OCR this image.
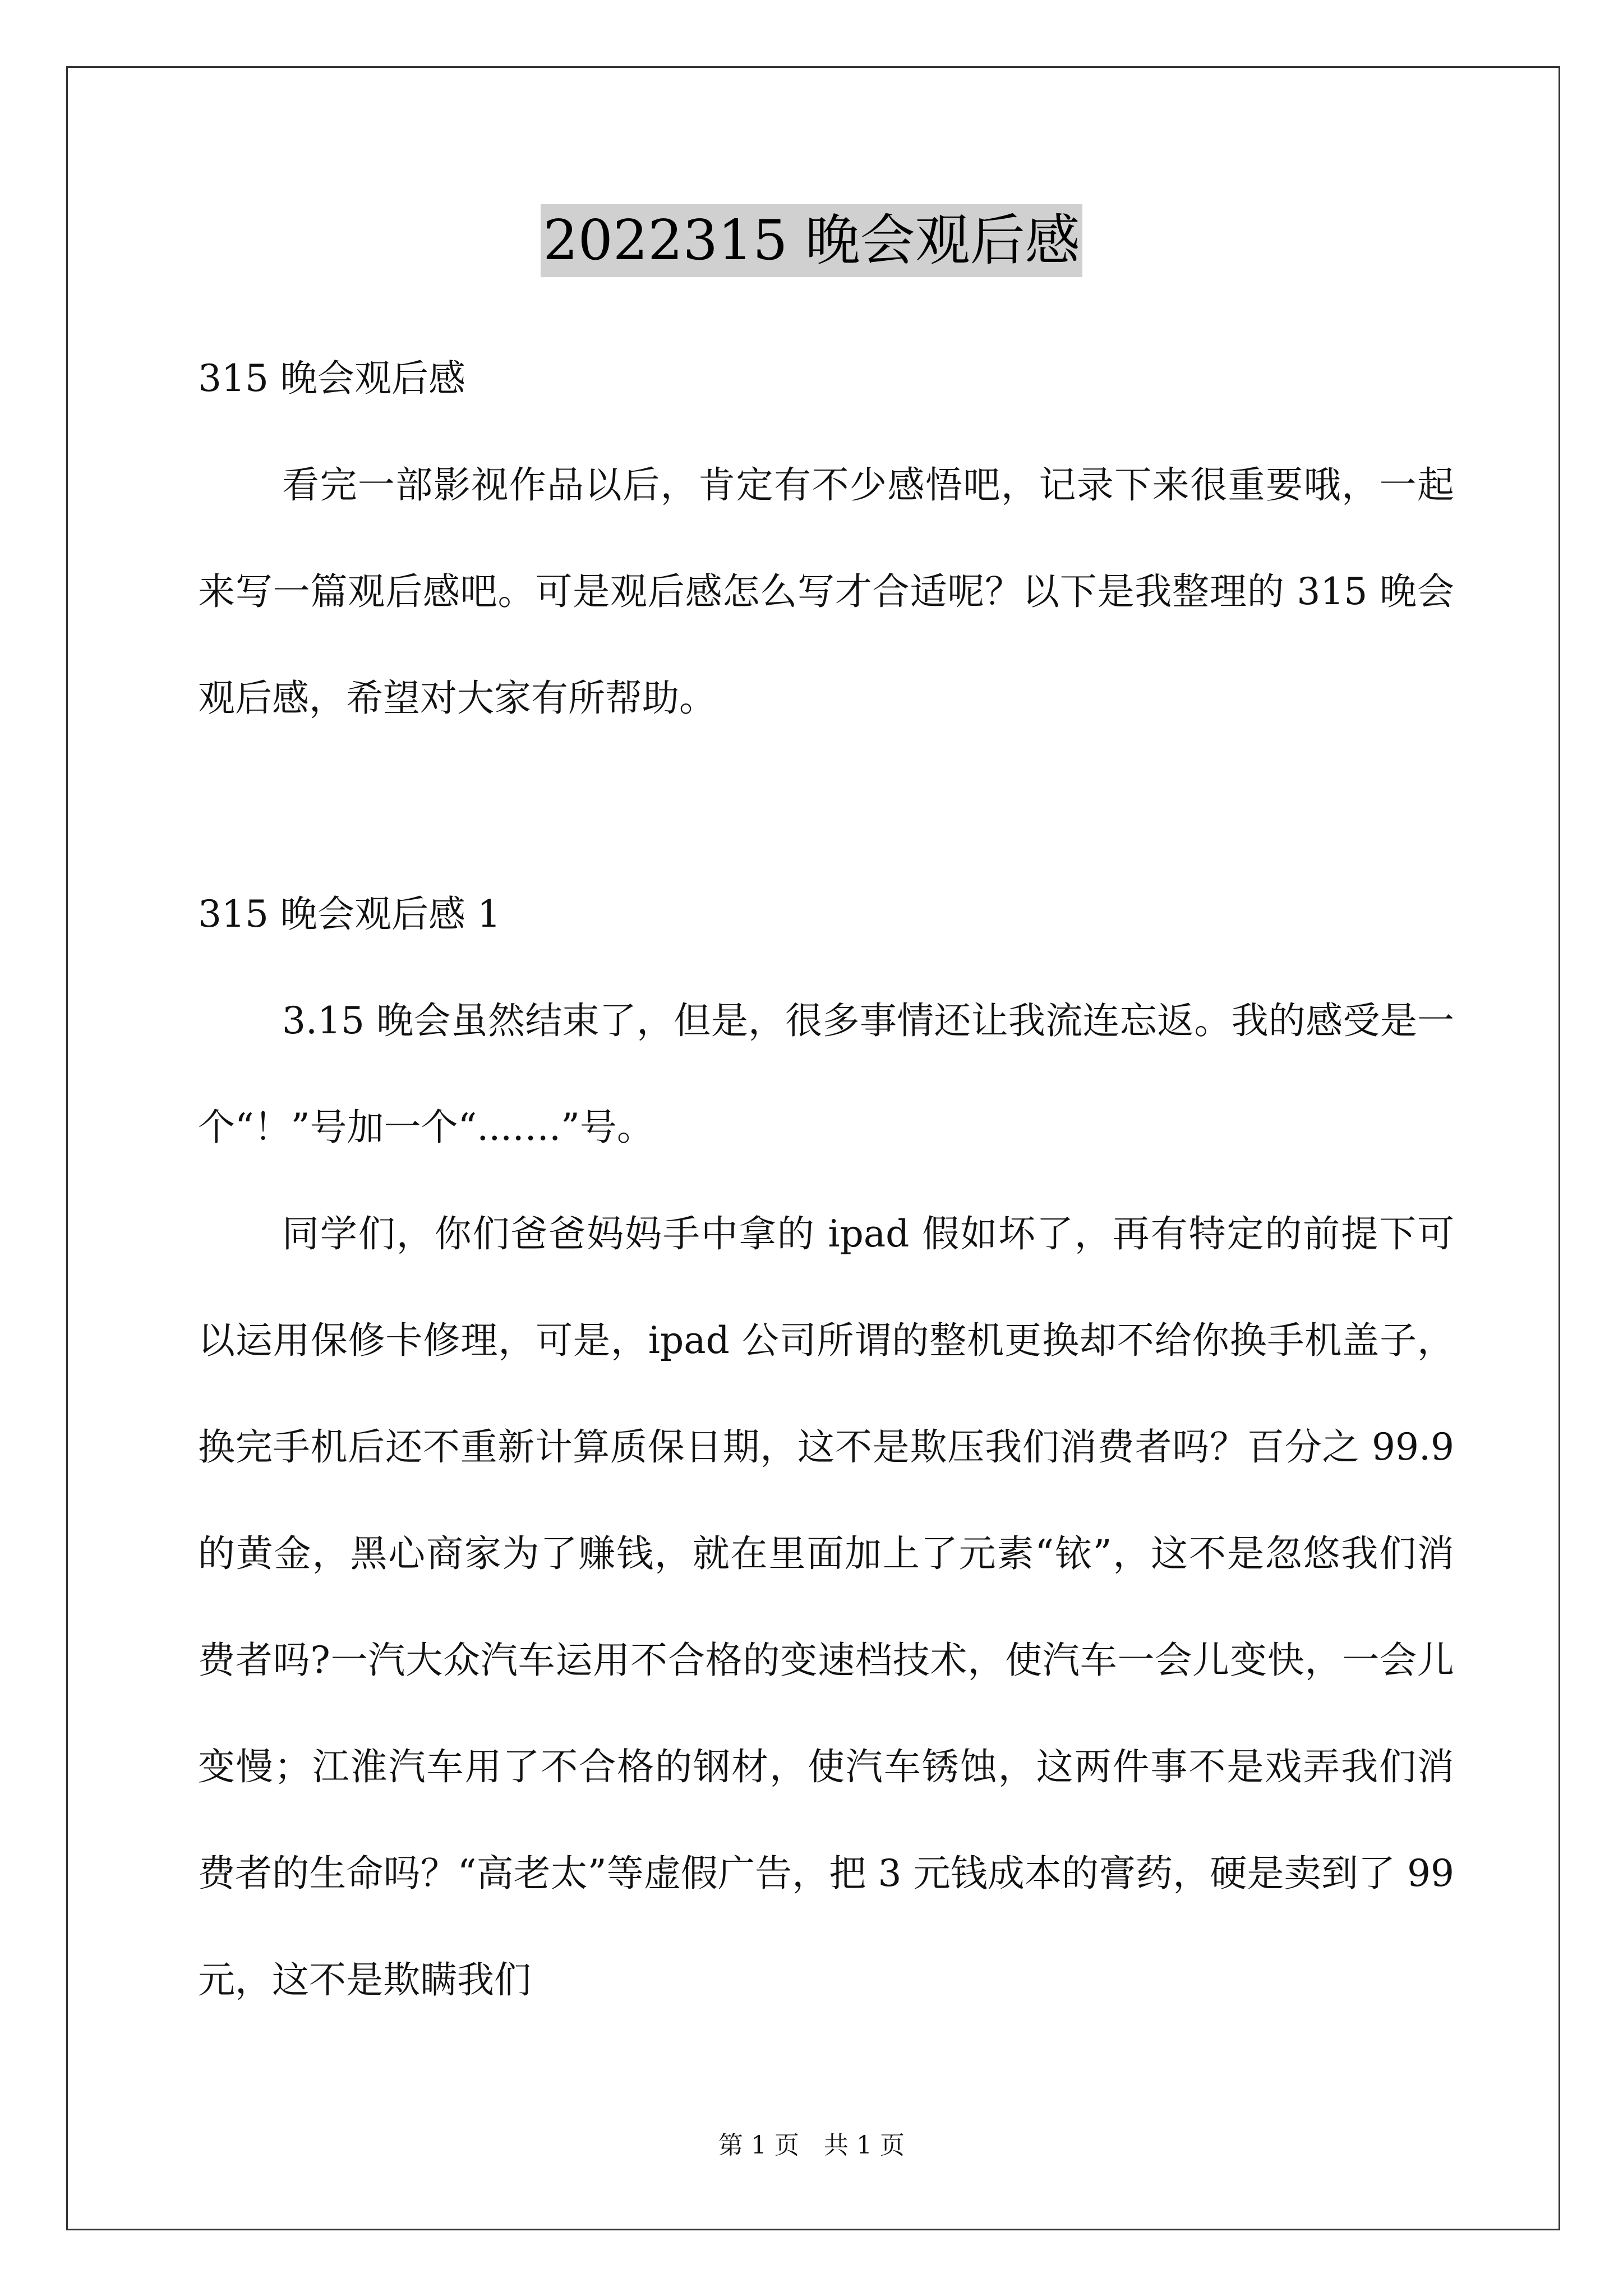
2022315 晚会观后感

315 晚会观后感

看完一部影视作品以后，肯定有不少感悟吧，记录下来很重要哦，一起来写一篇观后感吧。可是观后感怎么写才合适呢？以下是我整理的 315 晚会观后感，希望对大家有所帮助。

315 晚会观后感 1

3.15 晚会虽然结束了，但是，很多事情还让我流连忘返。我的感受是一个“！”号加一个“...….”号。

同学们，你们爸爸妈妈手中拿的 ipad 假如坏了，再有特定的前提下可以运用保修卡修理，可是，ipad 公司所谓的整机更换却不给你换手机盖子，换完手机后还不重新计算质保日期，这不是欺压我们消费者吗？百分之 99.9 的黄金，黑心商家为了赚钱，就在里面加上了元素“铱”，这不是忽悠我们消费者吗?一汽大众汽车运用不合格的变速档技术，使汽车一会儿变快，一会儿变慢；江淮汽车用了不合格的钢材，使汽车锈蚀，这两件事不是戏弄我们消费者的生命吗？“高老太”等虚假广告，把 3 元钱成本的膏药，硬是卖到了 99 元，这不是欺瞒我们

第 1 页　共 1 页
